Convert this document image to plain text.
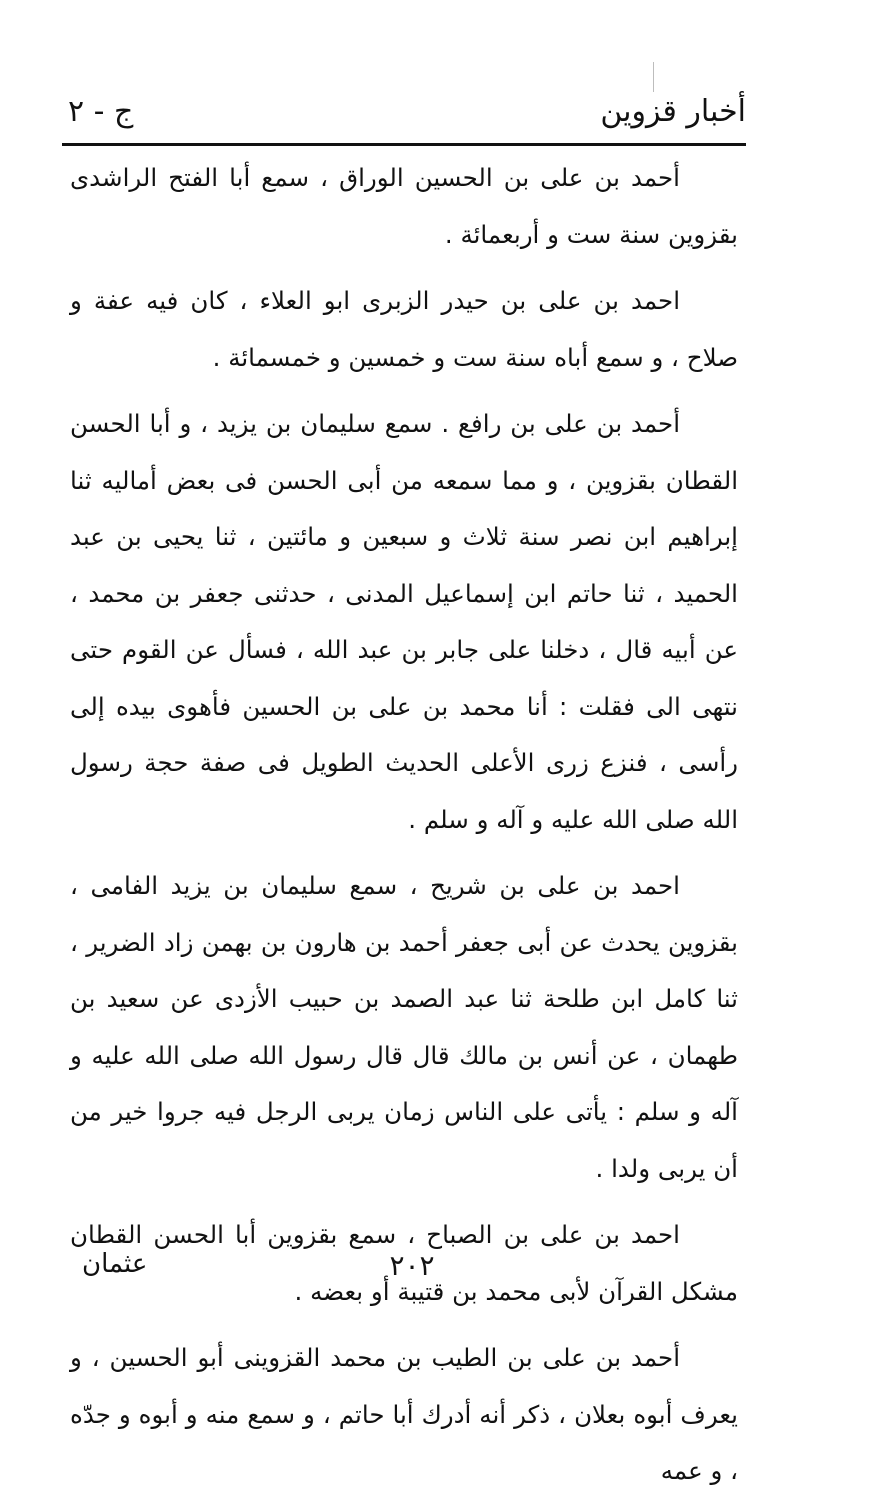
أخبار قزوين
ج - ٢

أحمد بن على بن الحسين الوراق ، سمع أبا الفتح الراشدى بقزوين سنة ست و أربعمائة .

احمد بن على بن حيدر الزبرى ابو العلاء ، كان فيه عفة و صلاح ، و سمع أباه سنة ست و خمسين و خمسمائة .

أحمد بن على بن رافع . سمع سليمان بن يزيد ، و أبا الحسن القطان بقزوين ، و مما سمعه من أبى الحسن فى بعض أماليه ثنا إبراهيم ابن نصر سنة ثلاث و سبعين و مائتين ، ثنا يحيى بن عبد الحميد ، ثنا حاتم ابن إسماعيل المدنى ، حدثنى جعفر بن محمد ، عن أبيه قال ، دخلنا على جابر بن عبد الله ، فسأل عن القوم حتى نتهى الى فقلت : أنا محمد بن على بن الحسين فأهوى بيده إلى رأسى ، فنزع زرى الأعلى الحديث الطويل فى صفة حجة رسول الله صلى الله عليه و آله و سلم .

احمد بن على بن شريح ، سمع سليمان بن يزيد الفامى ، بقزوين يحدث عن أبى جعفر أحمد بن هارون بن بهمن زاد الضرير ، ثنا كامل ابن طلحة ثنا عبد الصمد بن حبيب الأزدى عن سعيد بن طهمان ، عن أنس بن مالك قال قال رسول الله صلى الله عليه و آله و سلم : يأتى على الناس زمان يربى الرجل فيه جروا خير من أن يربى ولدا .

احمد بن على بن الصباح ، سمع بقزوين أبا الحسن القطان مشكل القرآن لأبى محمد بن قتيبة أو بعضه .

أحمد بن على بن الطيب بن محمد القزوينى أبو الحسين ، و يعرف أبوه بعلان ، ذكر أنه أدرك أبا حاتم ، و سمع منه و أبوه و جدّه ، و عمه

٢٠٢
عثمان
